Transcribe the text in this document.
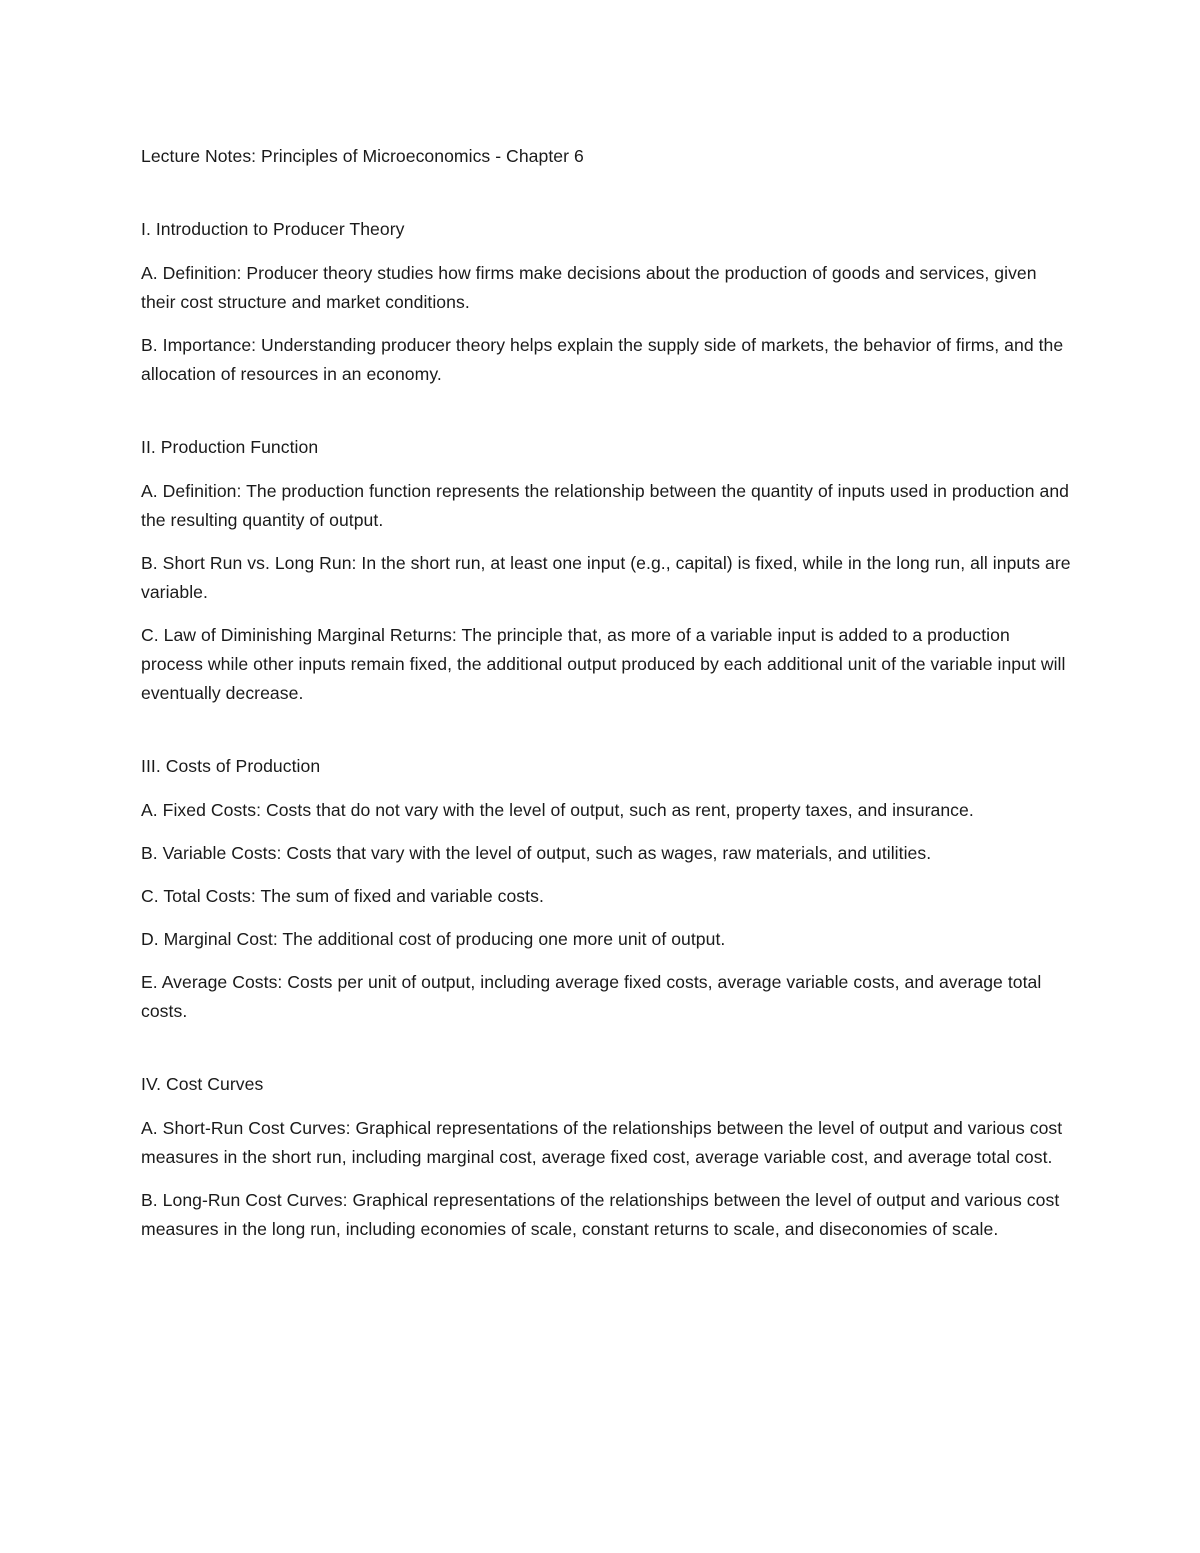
Lecture Notes: Principles of Microeconomics - Chapter 6

I. Introduction to Producer Theory

A. Definition: Producer theory studies how firms make decisions about the production of goods and services, given their cost structure and market conditions.

B. Importance: Understanding producer theory helps explain the supply side of markets, the behavior of firms, and the allocation of resources in an economy.

II. Production Function

A. Definition: The production function represents the relationship between the quantity of inputs used in production and the resulting quantity of output.

B. Short Run vs. Long Run: In the short run, at least one input (e.g., capital) is fixed, while in the long run, all inputs are variable.

C. Law of Diminishing Marginal Returns: The principle that, as more of a variable input is added to a production process while other inputs remain fixed, the additional output produced by each additional unit of the variable input will eventually decrease.

III. Costs of Production

A. Fixed Costs: Costs that do not vary with the level of output, such as rent, property taxes, and insurance.

B. Variable Costs: Costs that vary with the level of output, such as wages, raw materials, and utilities.

C. Total Costs: The sum of fixed and variable costs.

D. Marginal Cost: The additional cost of producing one more unit of output.

E. Average Costs: Costs per unit of output, including average fixed costs, average variable costs, and average total costs.

IV. Cost Curves

A. Short-Run Cost Curves: Graphical representations of the relationships between the level of output and various cost measures in the short run, including marginal cost, average fixed cost, average variable cost, and average total cost.

B. Long-Run Cost Curves: Graphical representations of the relationships between the level of output and various cost measures in the long run, including economies of scale, constant returns to scale, and diseconomies of scale.
